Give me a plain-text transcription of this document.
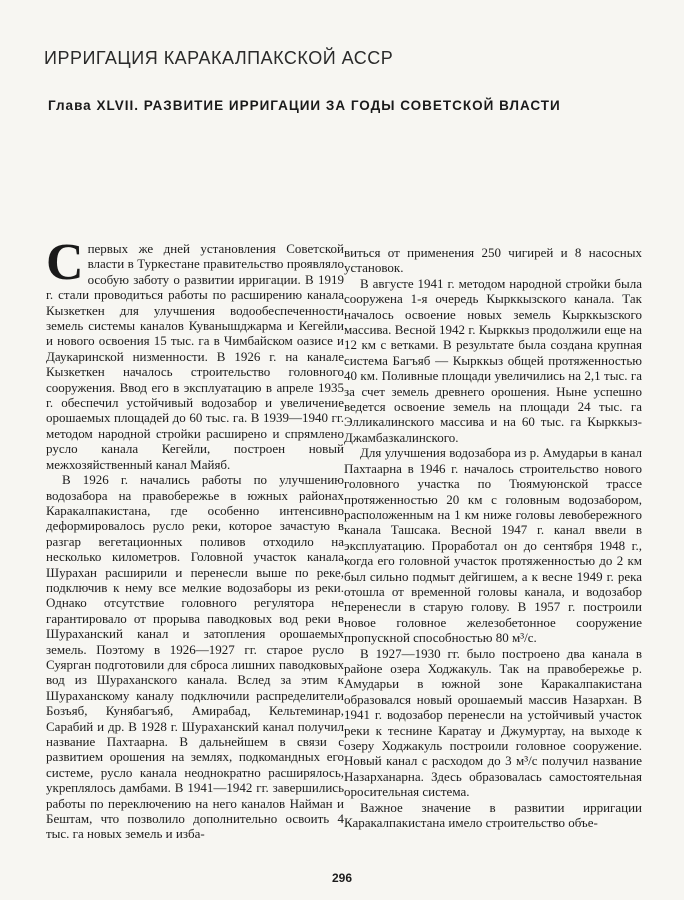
ИРРИГАЦИЯ КАРАКАЛПАКСКОЙ АССР
Глава XLVII. РАЗВИТИЕ ИРРИГАЦИИ ЗА ГОДЫ СОВЕТСКОЙ ВЛАСТИ

Спервых же дней установления Советской власти в Туркестане правительство проявляло особую заботу о развитии ирригации. В 1919 г. стали проводиться работы по расширению канала Кызкеткен для улучшения водообеспеченности земель системы каналов Куванышджарма и Кегейли и нового освоения 15 тыс. га в Чимбайском оазисе и Даукаринской низменности. В 1926 г. на канале Кызкеткен началось строительство головного сооружения. Ввод его в эксплуатацию в апреле 1935 г. обеспечил устойчивый водозабор и увеличение орошаемых площадей до 60 тыс. га. В 1939—1940 гг. методом народной стройки расширено и спрямлено русло канала Кегейли, построен новый межхозяйственный канал Майяб.

В 1926 г. начались работы по улучшению водозабора на правобережье в южных районах Каракалпакистана, где особенно интенсивно деформировалось русло реки, которое зачастую в разгар вегетационных поливов отходило на несколько километров. Головной участок канала Шурахан расширили и перенесли выше по реке, подключив к нему все мелкие водозаборы из реки. Однако отсутствие головного регулятора не гарантировало от прорыва паводковых вод реки в Шураханский канал и затопления орошаемых земель. Поэтому в 1926—1927 гг. старое русло Суярган подготовили для сброса лишних паводковых вод из Шураханского канала. Вслед за этим к Шураханскому каналу подключили распределители Бозъяб, Кунябагъяб, Амирабад, Кельтеминар, Сарабий и др. В 1928 г. Шураханский канал получил название Пахтаарна. В дальнейшем в связи с развитием орошения на землях, подкомандных его системе, русло канала неоднократно расширялось, укреплялось дамбами. В 1941—1942 гг. завершились работы по переключению на него каналов Найман и Бештам, что позволило дополнительно освоить 4 тыс. га новых земель и изба-

виться от применения 250 чигирей и 8 насосных установок.

В августе 1941 г. методом народной стройки была сооружена 1-я очередь Кырккызского канала. Так началось освоение новых земель Кырккызского массива. Весной 1942 г. Кырккыз продолжили еще на 12 км с ветками. В результате была создана крупная система Багъяб — Кырккыз общей протяженностью 40 км. Поливные площади увеличились на 2,1 тыс. га за счет земель древнего орошения. Ныне успешно ведется освоение земель на площади 24 тыс. га Элликалинского массива и на 60 тыс. га Кырккыз-Джамбазкалинского.

Для улучшения водозабора из р. Амударьи в канал Пахтаарна в 1946 г. началось строительство нового головного участка по Тюямуюнской трассе протяженностью 20 км с головным водозабором, расположенным на 1 км ниже головы левобережного канала Ташсака. Весной 1947 г. канал ввели в эксплуатацию. Проработал он до сентября 1948 г., когда его головной участок протяженностью до 2 км был сильно подмыт дейгишем, а к весне 1949 г. река отошла от временной головы канала, и водозабор перенесли в старую голову. В 1957 г. построили новое головное железобетонное сооружение пропускной способностью 80 м³/с.

В 1927—1930 гг. было построено два канала в районе озера Ходжакуль. Так на правобережье р. Амударьи в южной зоне Каракалпакистана образовался новый орошаемый массив Назархан. В 1941 г. водозабор перенесли на устойчивый участок реки к теснине Каратау и Джумуртау, на выходе к озеру Ходжакуль построили головное сооружение. Новый канал с расходом до 3 м³/с получил название Назарханарна. Здесь образовалась самостоятельная оросительная система.

Важное значение в развитии ирригации Каракалпакистана имело строительство объе-

296
